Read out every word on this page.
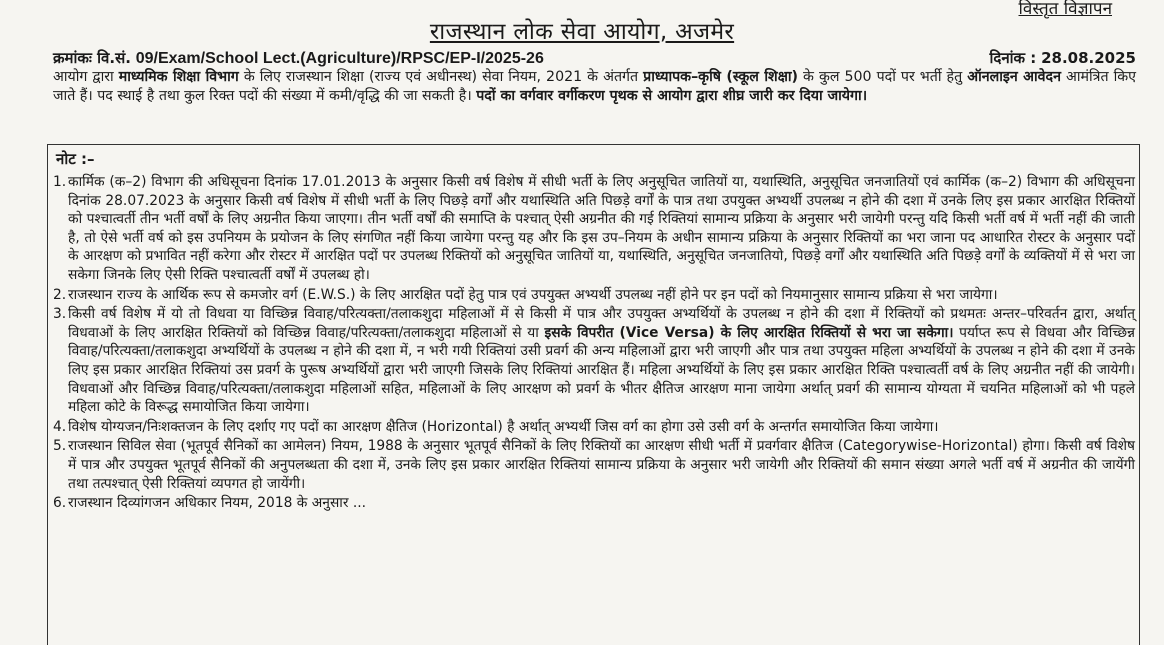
विस्तृत विज्ञापन
राजस्थान लोक सेवा आयोग, अजमेर
क्रमांकः वि.सं. 09/Exam/School Lect.(Agriculture)/RPSC/EP-I/2025-26	दिनांक : 28.08.2025
आयोग द्वारा माध्यमिक शिक्षा विभाग के लिए राजस्थान शिक्षा (राज्य एवं अधीनस्थ) सेवा नियम, 2021 के अंतर्गत प्राध्यापक–कृषि (स्कूल शिक्षा) के कुल 500 पदों पर भर्ती हेतु ऑनलाइन आवेदन आमंत्रित किए जाते हैं। पद स्थाई है तथा कुल रिक्त पदों की संख्या में कमी/वृद्धि की जा सकती है। पदों का वर्गवार वर्गीकरण पृथक से आयोग द्वारा शीघ्र जारी कर दिया जायेगा।
नोट :–
1. कार्मिक (क–2) विभाग की अधिसूचना दिनांक 17.01.2013 के अनुसार किसी वर्ष विशेष में सीधी भर्ती के लिए अनुसूचित जातियों या, यथास्थिति, अनुसूचित जनजातियों एवं कार्मिक (क–2) विभाग की अधिसूचना दिनांक 28.07.2023 के अनुसार किसी वर्ष विशेष में सीधी भर्ती के लिए पिछड़े वर्गों और यथास्थिति अति पिछड़े वर्गों के पात्र तथा उपयुक्त अभ्यर्थी उपलब्ध न होने की दशा में उनके लिए इस प्रकार आरक्षित रिक्तियों को पश्चात्वर्ती तीन भर्ती वर्षों के लिए अग्रनीत किया जाएगा। तीन भर्ती वर्षों की समाप्ति के पश्चात् ऐसी अग्रनीत की गई रिक्तियां सामान्य प्रक्रिया के अनुसार भरी जायेगी परन्तु यदि किसी भर्ती वर्ष में भर्ती नहीं की जाती है, तो ऐसे भर्ती वर्ष को इस उपनियम के प्रयोजन के लिए संगणित नहीं किया जायेगा परन्तु यह और कि इस उप–नियम के अधीन सामान्य प्रक्रिया के अनुसार रिक्तियों का भरा जाना पद आधारित रोस्टर के अनुसार पदों के आरक्षण को प्रभावित नहीं करेगा और रोस्टर में आरक्षित पदों पर उपलब्ध रिक्तियों को अनुसूचित जातियों या, यथास्थिति, अनुसूचित जनजातियो, पिछड़े वर्गों और यथास्थिति अति पिछड़े वर्गों के व्यक्तियों में से भरा जा सकेगा जिनके लिए ऐसी रिक्ति पश्चात्वर्ती वर्षों में उपलब्ध हो।
2. राजस्थान राज्य के आर्थिक रूप से कमजोर वर्ग (E.W.S.) के लिए आरक्षित पदों हेतु पात्र एवं उपयुक्त अभ्यर्थी उपलब्ध नहीं होने पर इन पदों को नियमानुसार सामान्य प्रक्रिया से भरा जायेगा।
3. किसी वर्ष विशेष में यो तो विधवा या विच्छिन्न विवाह/परित्यक्ता/तलाकशुदा महिलाओं में से किसी में पात्र और उपयुक्त अभ्यर्थियों के उपलब्ध न होने की दशा में रिक्तियों को प्रथमतः अन्तर–परिवर्तन द्वारा, अर्थात् विधवाओं के लिए आरक्षित रिक्तियों को विच्छिन्न विवाह/परित्यक्ता/तलाकशुदा महिलाओं से या इसके विपरीत (Vice Versa) के लिए आरक्षित रिक्तियों से भरा जा सकेगा। पर्याप्त रूप से विधवा और विच्छिन्न विवाह/परित्यक्ता/तलाकशुदा अभ्यर्थियों के उपलब्ध न होने की दशा में, न भरी गयी रिक्तियां उसी प्रवर्ग की अन्य महिलाओं द्वारा भरी जाएगी और पात्र तथा उपयुक्त महिला अभ्यर्थियों के उपलब्ध न होने की दशा में उनके लिए इस प्रकार आरक्षित रिक्तियां उस प्रवर्ग के पुरूष अभ्यर्थियों द्वारा भरी जाएगी जिसके लिए रिक्तियां आरक्षित हैं। महिला अभ्यर्थियों के लिए इस प्रकार आरक्षित रिक्ति पश्चात्वर्ती वर्ष के लिए अग्रनीत नहीं की जायेगी। विधवाओं और विच्छिन्न विवाह/परित्यक्ता/तलाकशुदा महिलाओं सहित, महिलाओं के लिए आरक्षण को प्रवर्ग के भीतर क्षैतिज आरक्षण माना जायेगा अर्थात् प्रवर्ग की सामान्य योग्यता में चयनित महिलाओं को भी पहले महिला कोटे के विरूद्ध समायोजित किया जायेगा।
4. विशेष योग्यजन/निःशक्तजन के लिए दर्शाए गए पदों का आरक्षण क्षैतिज (Horizontal) है अर्थात् अभ्यर्थी जिस वर्ग का होगा उसे उसी वर्ग के अन्तर्गत समायोजित किया जायेगा।
5. राजस्थान सिविल सेवा (भूतपूर्व सैनिकों का आमेलन) नियम, 1988 के अनुसार भूतपूर्व सैनिकों के लिए रिक्तियों का आरक्षण सीधी भर्ती में प्रवर्गवार क्षैतिज (Categorywise-Horizontal) होगा। किसी वर्ष विशेष में पात्र और उपयुक्त भूतपूर्व सैनिकों की अनुपलब्धता की दशा में, उनके लिए इस प्रकार आरक्षित रिक्तियां सामान्य प्रक्रिया के अनुसार भरी जायेगी और रिक्तियों की समान संख्या अगले भर्ती वर्ष में अग्रनीत की जायेंगी तथा तत्पश्चात् ऐसी रिक्तियां व्यपगत हो जायेंगी।
6. राजस्थान दिव्यांगजन अधिकार नियम, 2018 के अनुसार ...
